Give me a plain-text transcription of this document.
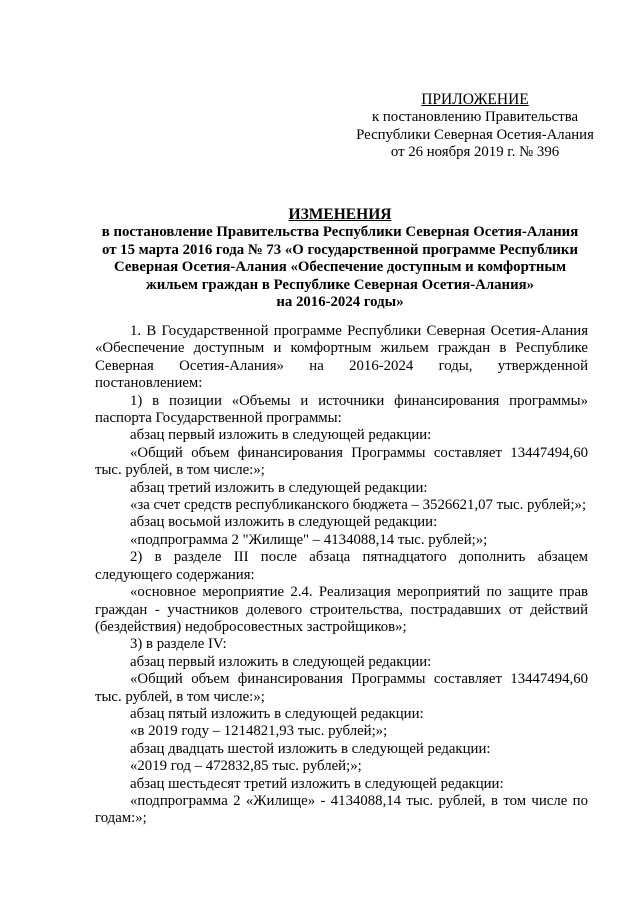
ПРИЛОЖЕНИЕ
к постановлению Правительства
Республики Северная Осетия-Алания
от 26 ноября 2019 г. № 396
ИЗМЕНЕНИЯ
в постановление Правительства Республики Северная Осетия-Алания
от 15 марта 2016 года № 73 «О государственной программе Республики
Северная Осетия-Алания «Обеспечение доступным и комфортным
жильем граждан в Республике Северная Осетия-Алания»
на 2016-2024 годы»
1. В Государственной программе Республики Северная Осетия-Алания «Обеспечение доступным и комфортным жильем граждан в Республике Северная Осетия-Алания» на 2016-2024 годы, утвержденной постановлением:
1) в позиции «Объемы и источники финансирования программы» паспорта Государственной программы:
абзац первый изложить в следующей редакции:
«Общий объем финансирования Программы составляет 13447494,60 тыс. рублей, в том числе:»;
абзац третий изложить в следующей редакции:
«за счет средств республиканского бюджета – 3526621,07 тыс. рублей;»;
абзац восьмой изложить в следующей редакции:
«подпрограмма 2 "Жилище" – 4134088,14 тыс. рублей;»;
2) в разделе III после абзаца пятнадцатого дополнить абзацем следующего содержания:
«основное мероприятие 2.4. Реализация мероприятий по защите прав граждан - участников долевого строительства, пострадавших от действий (бездействия) недобросовестных застройщиков»;
3) в разделе IV:
абзац первый изложить в следующей редакции:
«Общий объем финансирования Программы составляет 13447494,60 тыс. рублей, в том числе:»;
абзац пятый изложить в следующей редакции:
«в 2019 году – 1214821,93 тыс. рублей;»;
абзац двадцать шестой изложить в следующей редакции:
«2019 год – 472832,85 тыс. рублей;»;
абзац шестьдесят третий изложить в следующей редакции:
«подпрограмма 2 «Жилище» - 4134088,14 тыс. рублей, в том числе по годам:»;
